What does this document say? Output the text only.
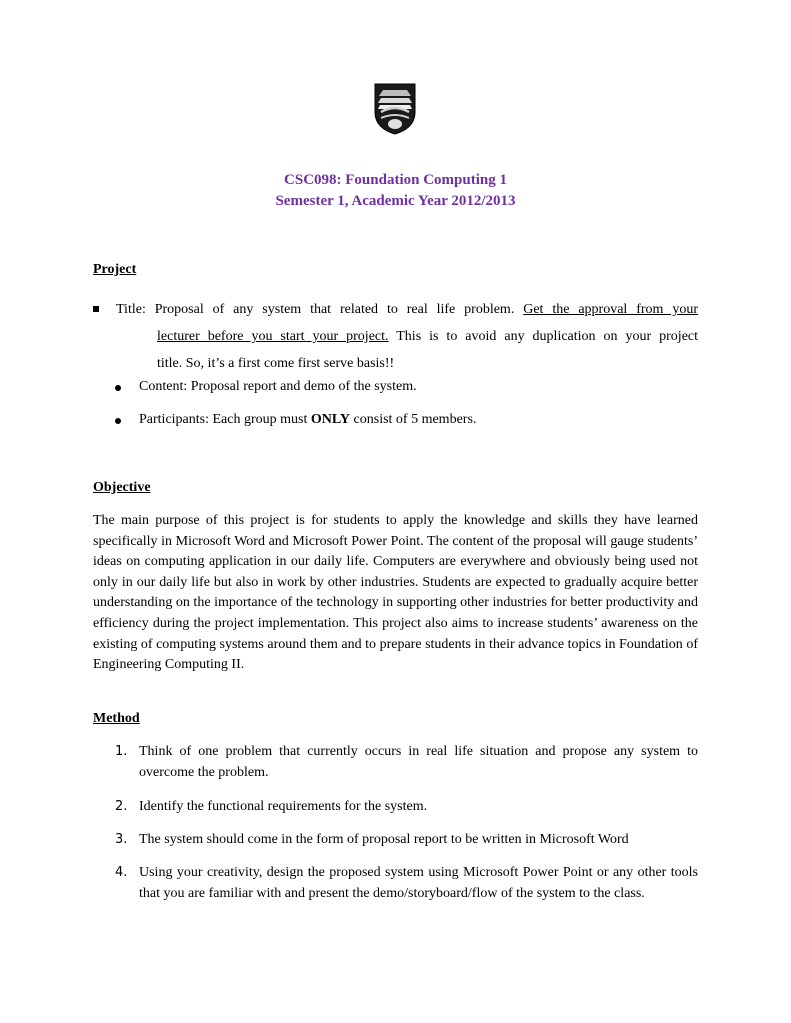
CSC098: Foundation Computing 1
Semester 1, Academic Year 2012/2013
Project
Title: Proposal of any system that related to real life problem. Get the approval from your
lecturer before you start your project. This is to avoid any duplication on your project
title. So, it’s a first come first serve basis!!
Content: Proposal report and demo of the system.
Participants: Each group must ONLY consist of 5 members.
Objective
The main purpose of this project is for students to apply the knowledge and skills they have learned specifically in Microsoft Word and Microsoft Power Point. The content of the proposal will gauge students’ ideas on computing application in our daily life. Computers are everywhere and obviously being used not only in our daily life but also in work by other industries. Students are expected to gradually acquire better understanding on the importance of the technology in supporting other industries for better productivity and efficiency during the project implementation. This project also aims to increase students’ awareness on the existing of computing systems around them and to prepare students in their advance topics in Foundation of Engineering Computing II.
Method
1. Think of one problem that currently occurs in real life situation and propose any system to overcome the problem.
2. Identify the functional requirements for the system.
3. The system should come in the form of proposal report to be written in Microsoft Word
4. Using your creativity, design the proposed system using Microsoft Power Point or any other tools that you are familiar with and present the demo/storyboard/flow of the system to the class.
